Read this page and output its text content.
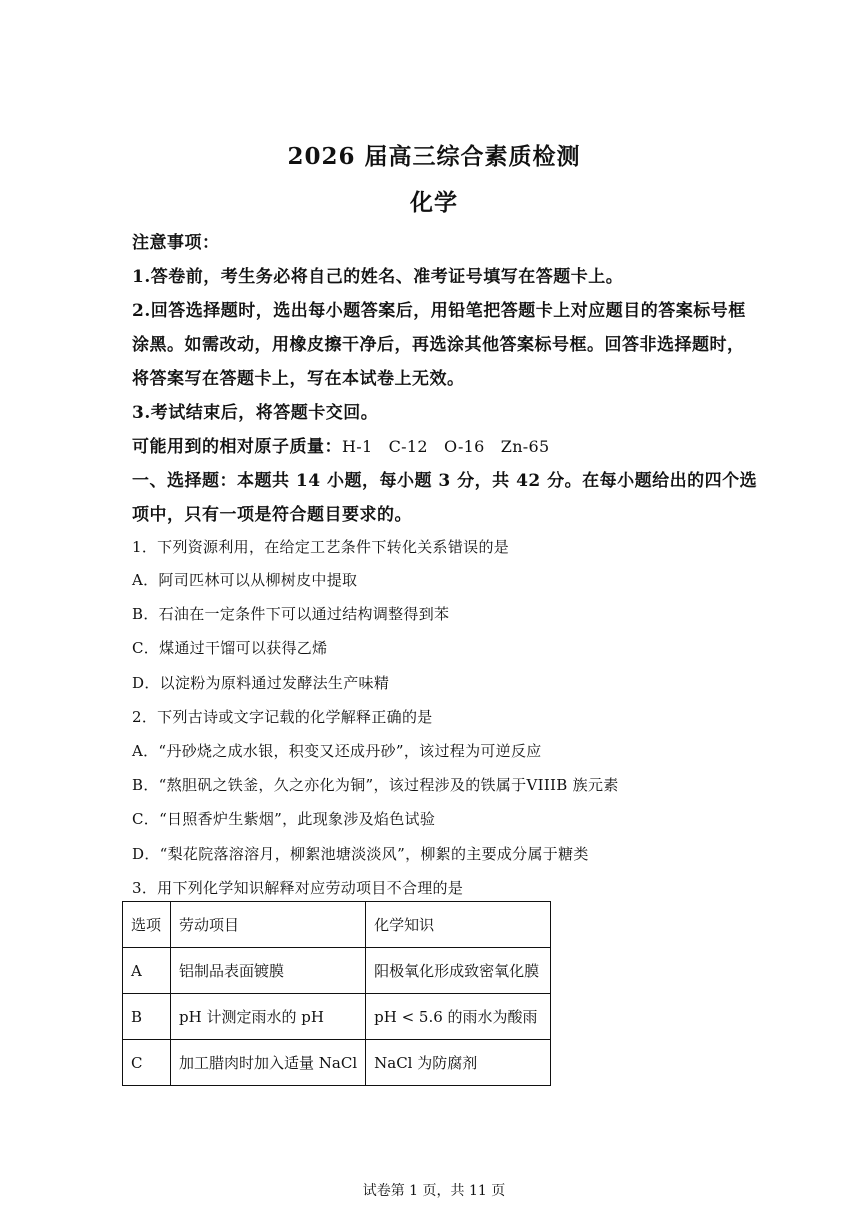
2026 届高三综合素质检测
化学
注意事项：
1.答卷前，考生务必将自己的姓名、准考证号填写在答题卡上。
2.回答选择题时，选出每小题答案后，用铅笔把答题卡上对应题目的答案标号框
涂黑。如需改动，用橡皮擦干净后，再选涂其他答案标号框。回答非选择题时，
将答案写在答题卡上，写在本试卷上无效。
3.考试结束后，将答题卡交回。
可能用到的相对原子质量：H-1   C-12   O-16   Zn-65
一、选择题：本题共 14 小题，每小题 3 分，共 42 分。在每小题给出的四个选
项中，只有一项是符合题目要求的。
1．下列资源利用，在给定工艺条件下转化关系错误的是
A．阿司匹林可以从柳树皮中提取
B．石油在一定条件下可以通过结构调整得到苯
C．煤通过干馏可以获得乙烯
D．以淀粉为原料通过发酵法生产味精
2．下列古诗或文字记载的化学解释正确的是
A．“丹砂烧之成水银，积变又还成丹砂”，该过程为可逆反应
B．“熬胆矾之铁釜，久之亦化为铜”，该过程涉及的铁属于VIIIB 族元素
C．“日照香炉生紫烟”，此现象涉及焰色试验
D．“梨花院落溶溶月，柳絮池塘淡淡风”，柳絮的主要成分属于糖类
3．用下列化学知识解释对应劳动项目不合理的是
选项	劳动项目	化学知识
A	铝制品表面镀膜	阳极氧化形成致密氧化膜
B	pH 计测定雨水的 pH	pH < 5.6 的雨水为酸雨
C	加工腊肉时加入适量 NaCl	NaCl 为防腐剂
试卷第 1 页，共 11 页
